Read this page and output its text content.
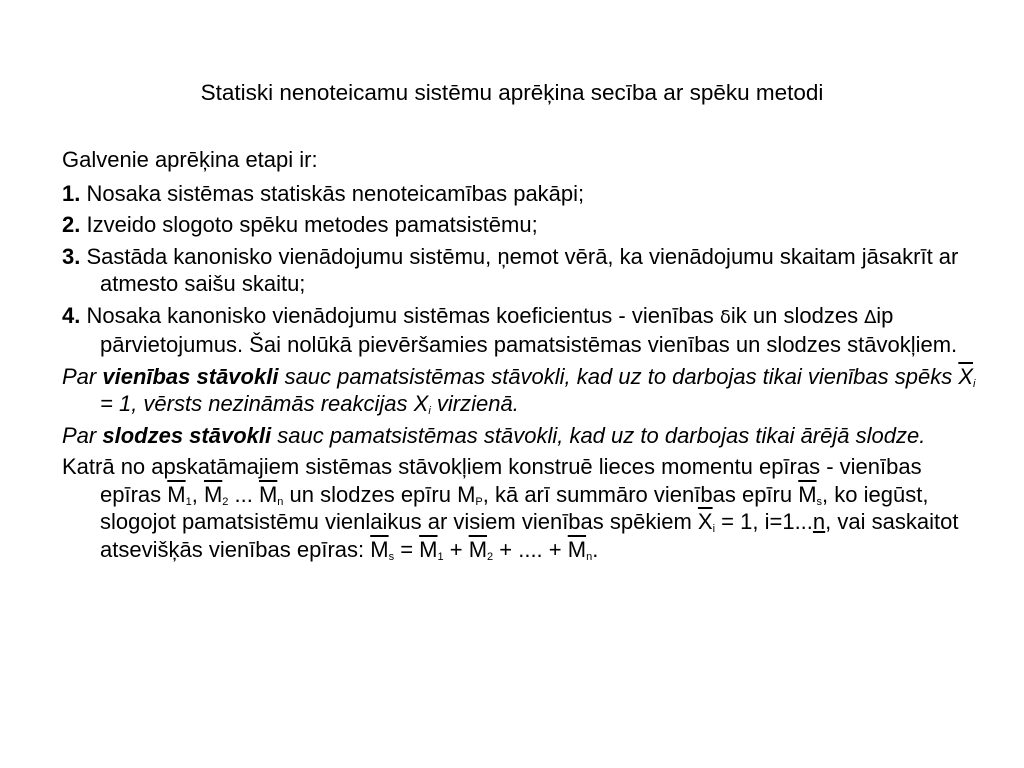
Statiski nenoteicamu sistēmu aprēķina secība ar spēku metodi
Galvenie aprēķina etapi ir:
1. Nosaka sistēmas statiskās nenoteicamības pakāpi;
2. Izveido slogoto spēku metodes pamatsistēmu;
3. Sastāda kanonisko vienādojumu sistēmu, ņemot vērā, ka vienādojumu skaitam jāsakrīt ar atmesto saišu skaitu;
4. Nosaka kanonisko vienādojumu sistēmas koeficientus - vienības δik un slodzes ∆ip pārvietojumus. Šai nolūkā pievēršamies pamatsistēmas vienības un slodzes stāvokļiem.
Par vienības stāvokli sauc pamatsistēmas stāvokli, kad uz to darbojas tikai vienības spēks $\overline{X}_i = 1$, vērsts nezināmās reakcijas $X_i$ virzienā.
Par slodzes stāvokli sauc pamatsistēmas stāvokli, kad uz to darbojas tikai ārējā slodze.
Katrā no apskatāmajiem sistēmas stāvokļiem konstruē lieces momentu epīras - vienības epīras $\overline{M}_1$, $\overline{M}_2$ ... $\overline{M}_n$ un slodzes epīru $M_P$, kā arī summāro vienības epīru $\overline{M}_s$, ko iegūst, slogojot pamatsistēmu vienlaikus ar visiem vienības spēkiem $\overline{X}_i = 1$, i=1...n, vai saskaitot atsevišķās vienības epīras: $\overline{M}_s = \overline{M}_1 + \overline{M}_2$ + .... + $\overline{M}_n$.
